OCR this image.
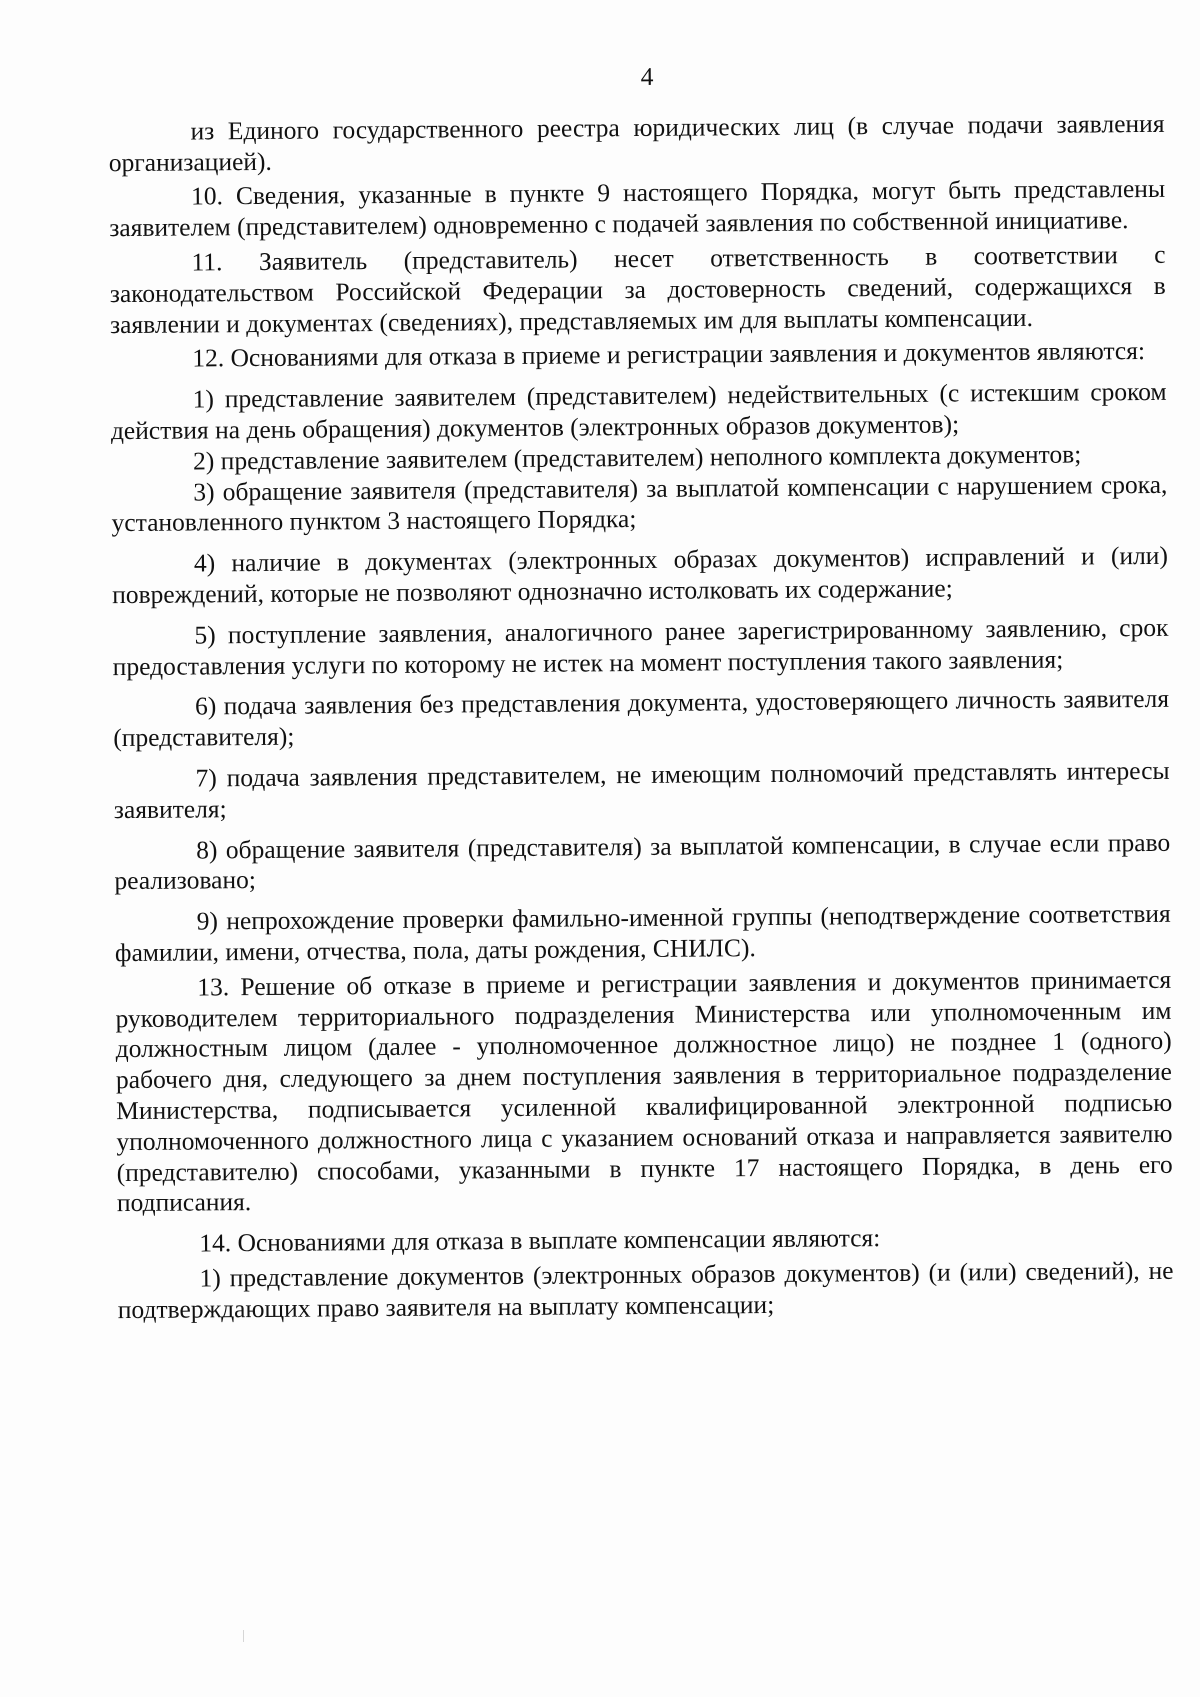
4

из Единого государственного реестра юридических лиц (в случае подачи заявления организацией).

10. Сведения, указанные в пункте 9 настоящего Порядка, могут быть представлены заявителем (представителем) одновременно с подачей заявления по собственной инициативе.

11. Заявитель (представитель) несет ответственность в соответствии с законодательством Российской Федерации за достоверность сведений, содержащихся в заявлении и документах (сведениях), представляемых им для выплаты компенсации.

12. Основаниями для отказа в приеме и регистрации заявления и документов являются:

1) представление заявителем (представителем) недействительных (с истекшим сроком действия на день обращения) документов (электронных образов документов);

2) представление заявителем (представителем) неполного комплекта документов;

3) обращение заявителя (представителя) за выплатой компенсации с нарушением срока, установленного пунктом 3 настоящего Порядка;

4) наличие в документах (электронных образах документов) исправлений и (или) повреждений, которые не позволяют однозначно истолковать их содержание;

5) поступление заявления, аналогичного ранее зарегистрированному заявлению, срок предоставления услуги по которому не истек на момент поступления такого заявления;

6) подача заявления без представления документа, удостоверяющего личность заявителя (представителя);

7) подача заявления представителем, не имеющим полномочий представлять интересы заявителя;

8) обращение заявителя (представителя) за выплатой компенсации, в случае если право реализовано;

9) непрохождение проверки фамильно-именной группы (неподтверждение соответствия фамилии, имени, отчества, пола, даты рождения, СНИЛС).

13. Решение об отказе в приеме и регистрации заявления и документов принимается руководителем территориального подразделения Министерства или уполномоченным им должностным лицом (далее - уполномоченное должностное лицо) не позднее 1 (одного) рабочего дня, следующего за днем поступления заявления в территориальное подразделение Министерства, подписывается усиленной квалифицированной электронной подписью уполномоченного должностного лица с указанием оснований отказа и направляется заявителю (представителю) способами, указанными в пункте 17 настоящего Порядка, в день его подписания.

14. Основаниями для отказа в выплате компенсации являются:

1) представление документов (электронных образов документов) (и (или) сведений), не подтверждающих право заявителя на выплату компенсации;
